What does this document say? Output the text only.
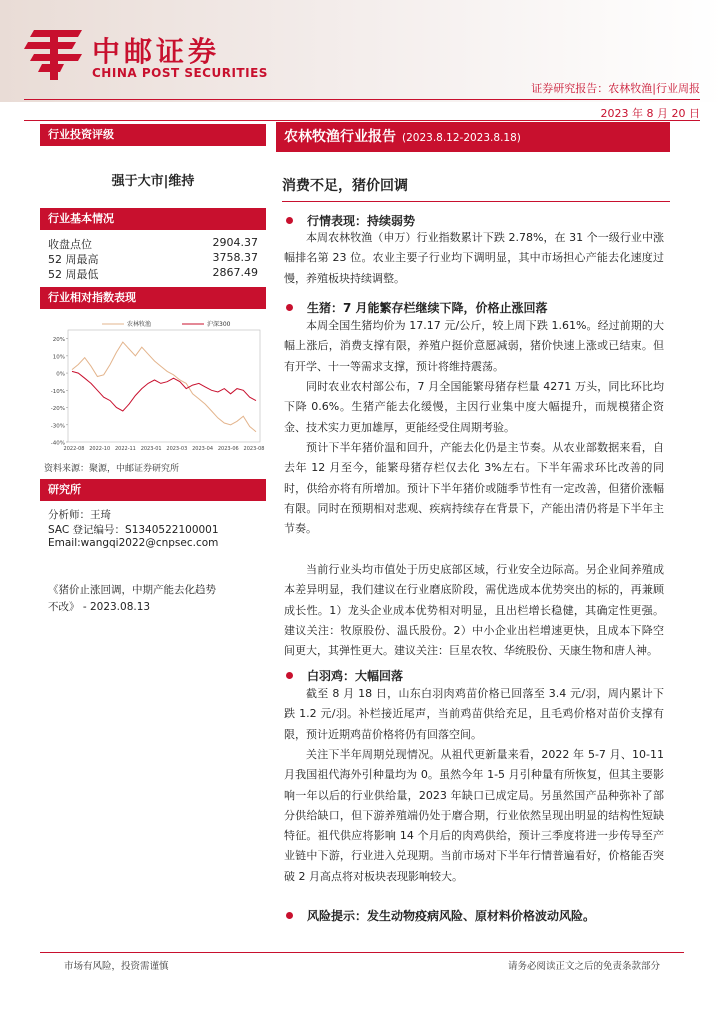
中邮证券
CHINA POST SECURITIES
证券研究报告：农林牧渔|行业周报
2023 年 8 月 20 日
行业投资评级
强于大市|维持
行业基本情况
收盘点位	2904.37
52 周最高	3758.37
52 周最低	2867.49
行业相对指数表现
20%
10%
0%
-10%
-20%
-30%
-40%
2022-08 2022-10 2022-11 2023-01 2023-03 2023-04 2023-06 2023-08
农林牧渔	沪深300
资料来源：聚源，中邮证券研究所
研究所
分析师：王琦
SAC 登记编号：S1340522100001
Email:wangqi2022@cnpsec.com
《猪价止涨回调，中期产能去化趋势
不改》 - 2023.08.13
农林牧渔行业报告 (2023.8.12-2023.8.18)
消费不足，猪价回调
行情表现：持续弱势

本周农林牧渔（申万）行业指数累计下跌 2.78%，在 31 个一级行业中涨幅排名第 23 位。农业主要子行业均下调明显，其中市场担心产能去化速度过慢，养殖板块持续调整。

生猪：7 月能繁存栏继续下降，价格止涨回落

本周全国生猪均价为 17.17 元/公斤，较上周下跌 1.61%。经过前期的大幅上涨后，消费支撑有限，养殖户挺价意愿减弱，猪价快速上涨或已结束。但有开学、十一等需求支撑，预计将维持震荡。

同时农业农村部公布，7 月全国能繁母猪存栏量 4271 万头，同比环比均下降 0.6%。生猪产能去化缓慢，主因行业集中度大幅提升，而规模猪企资金、技术实力更加雄厚，更能经受住周期考验。

预计下半年猪价温和回升，产能去化仍是主节奏。从农业部数据来看，自去年 12 月至今，能繁母猪存栏仅去化 3%左右。下半年需求环比改善的同时，供给亦将有所增加。预计下半年猪价或随季节性有一定改善，但猪价涨幅有限。同时在预期相对悲观、疾病持续存在背景下，产能出清仍将是下半年主节奏。

当前行业头均市值处于历史底部区域，行业安全边际高。另企业间养殖成本差异明显，我们建议在行业磨底阶段，需优选成本优势突出的标的，再兼顾成长性。1）龙头企业成本优势相对明显，且出栏增长稳健，其确定性更强。建议关注：牧原股份、温氏股份。2）中小企业出栏增速更快，且成本下降空间更大，其弹性更大。建议关注：巨星农牧、华统股份、天康生物和唐人神。

白羽鸡：大幅回落

截至 8 月 18 日，山东白羽肉鸡苗价格已回落至 3.4 元/羽，周内累计下跌 1.2 元/羽。补栏接近尾声，当前鸡苗供给充足，且毛鸡价格对苗价支撑有限，预计近期鸡苗价格将仍有回落空间。

关注下半年周期兑现情况。从祖代更新量来看，2022 年 5-7 月、10-11 月我国祖代海外引种量均为 0。虽然今年 1-5 月引种量有所恢复，但其主要影响一年以后的行业供给量，2023 年缺口已成定局。另虽然国产品种弥补了部分供给缺口，但下游养殖端仍处于磨合期，行业依然呈现出明显的结构性短缺特征。祖代供应将影响 14 个月后的肉鸡供给，预计三季度将进一步传导至产业链中下游，行业进入兑现期。当前市场对下半年行情普遍看好，价格能否突破 2 月高点将对板块表现影响较大。

风险提示：发生动物疫病风险、原材料价格波动风险。
市场有风险，投资需谨慎	请务必阅读正文之后的免责条款部分
